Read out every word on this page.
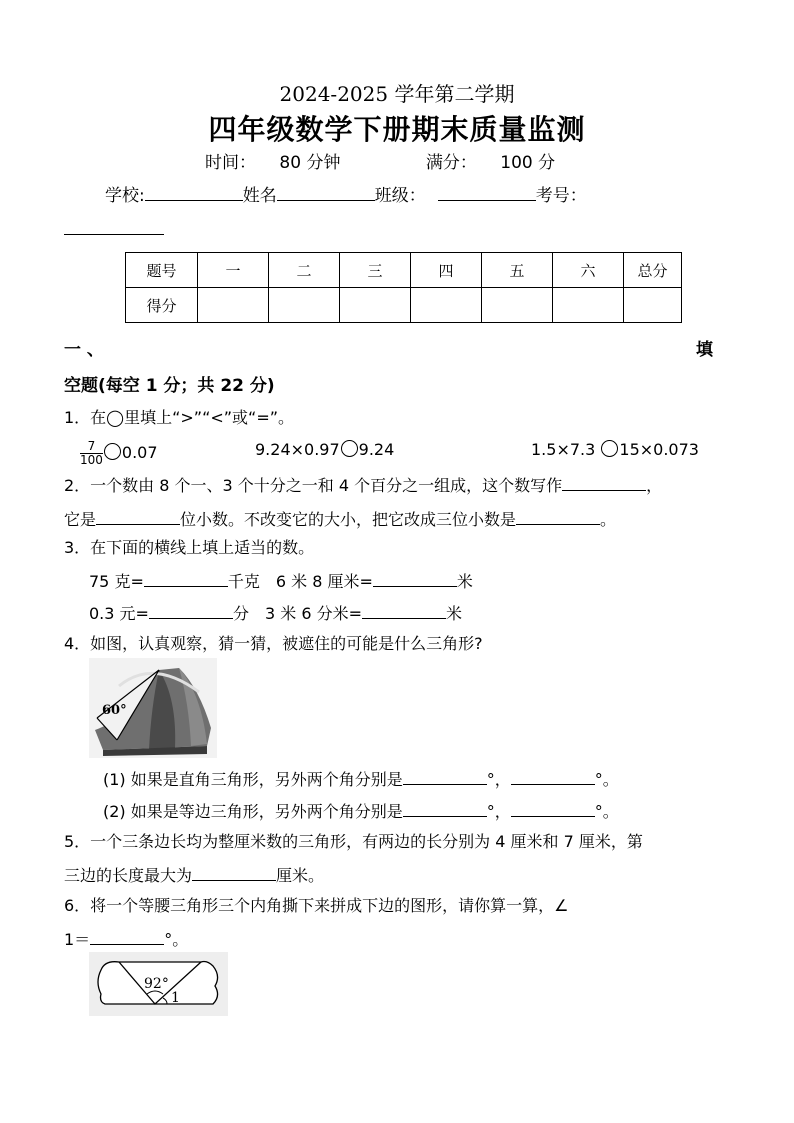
2024-2025 学年第二学期
四年级数学下册期末质量监测
时间： 80 分钟	满分： 100 分
学校:	姓名	班级：	考号：
题号	一	二	三	四	五	六	总分
得分							
一 、	填
空题(每空 1 分；共 22 分)
1．在◯里填上“>”“<”或“=”。
$\frac{7}{100} 0.07$	9.24×0.97 9.24	1.5×7.3 15×0.073
2．一个数由 8 个一、3 个十分之一和 4 个百分之一组成，这个数写作	，
它是	位小数。不改变它的大小，把它改成三位小数是	。
3．在下面的横线上填上适当的数。
75 克=	千克 6 米 8 厘米=	米
0.3 元=	分 3 米 6 分米=	米
4．如图，认真观察，猜一猜，被遮住的可能是什么三角形?
60°
(1) 如果是直角三角形，另外两个角分别是	°，	°。
(2) 如果是等边三角形，另外两个角分别是	°，	°。
5．一个三条边长均为整厘米数的三角形，有两边的长分别为 4 厘米和 7 厘米，第
三边的长度最大为	厘米。
6．将一个等腰三角形三个内角撕下来拼成下边的图形，请你算一算，∠
1＝	°。
92°
1
